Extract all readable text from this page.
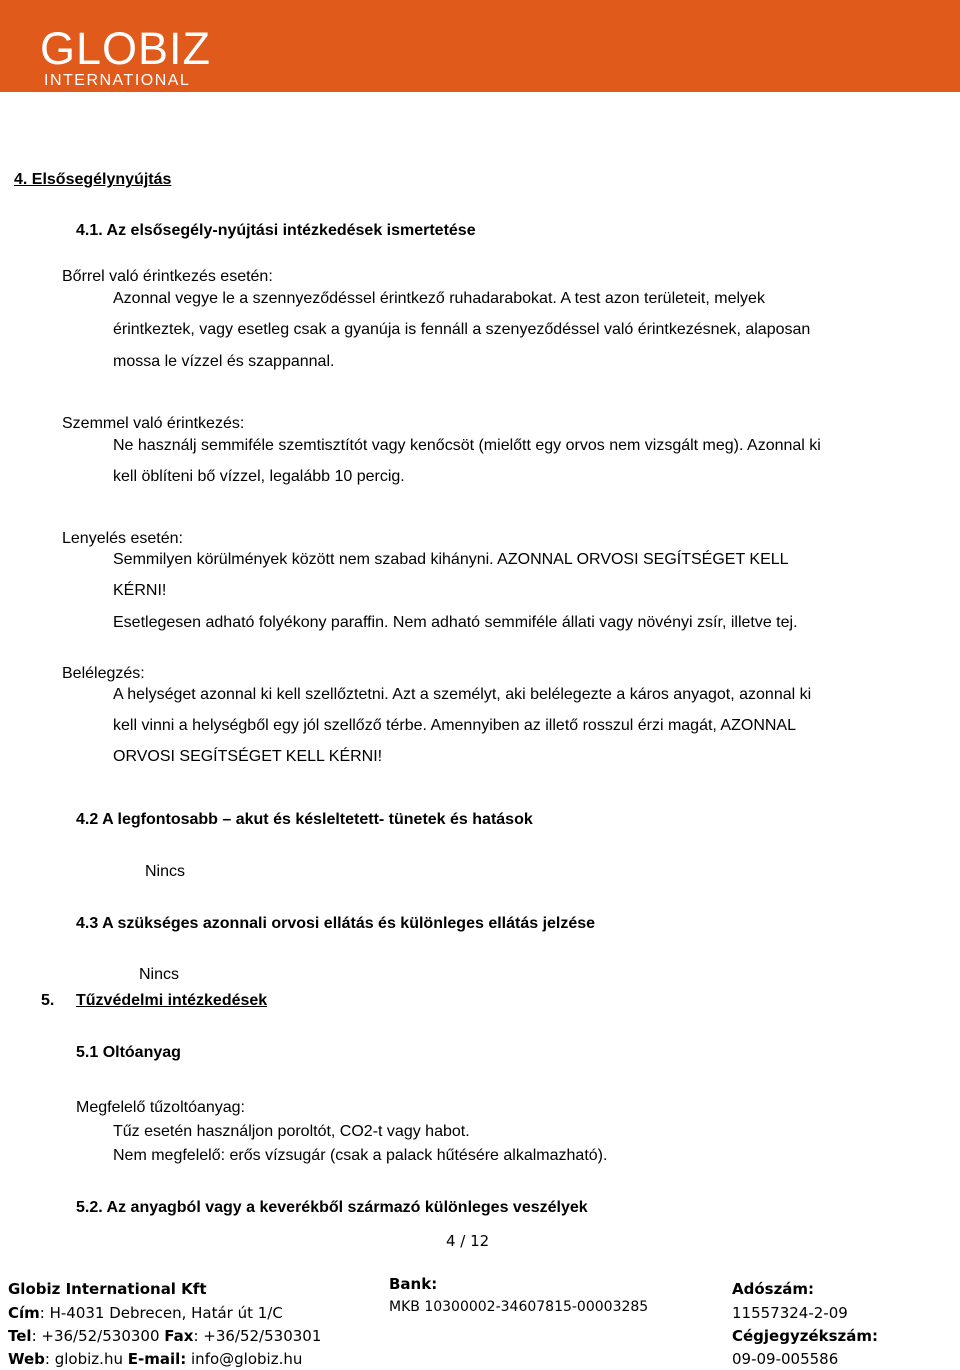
GLOBIZ
INTERNATIONAL
4. Elsősegélynyújtás
4.1. Az elsősegély-nyújtási intézkedések ismertetése
Bőrrel való érintkezés esetén:
Azonnal vegye le a szennyeződéssel érintkező ruhadarabokat. A test azon területeit, melyek
érintkeztek, vagy esetleg csak a gyanúja is fennáll a szenyeződéssel való érintkezésnek, alaposan
mossa le vízzel és szappannal.
Szemmel való érintkezés:
Ne használj semmiféle szemtisztítót vagy kenőcsöt (mielőtt egy orvos nem vizsgált meg). Azonnal ki
kell öblíteni bő vízzel, legalább 10 percig.
Lenyelés esetén:
Semmilyen körülmények között nem szabad kihányni. AZONNAL ORVOSI SEGÍTSÉGET KELL
KÉRNI!
Esetlegesen adható folyékony paraffin. Nem adható semmiféle állati vagy növényi zsír, illetve tej.
Belélegzés:
A helységet azonnal ki kell szellőztetni. Azt a személyt, aki belélegezte a káros anyagot, azonnal ki
kell vinni a helységből egy jól szellőző térbe. Amennyiben az illető rosszul érzi magát, AZONNAL
ORVOSI SEGÍTSÉGET KELL KÉRNI!
4.2 A legfontosabb – akut és késleltetett- tünetek és hatások
Nincs
4.3 A szükséges azonnali orvosi ellátás és különleges ellátás jelzése
Nincs
5. Tűzvédelmi intézkedések
5.1 Oltóanyag
Megfelelő tűzoltóanyag:
Tűz esetén használjon poroltót, CO2-t vagy habot.
Nem megfelelő: erős vízsugár (csak a palack hűtésére alkalmazható).
5.2. Az anyagból vagy a keverékből származó különleges veszélyek
4 / 12
Globiz International Kft
Cím: H-4031 Debrecen, Határ út 1/C
Tel: +36/52/530300 Fax: +36/52/530301
Web: globiz.hu E-mail: info@globiz.hu
Bank:
MKB 10300002-34607815-00003285
Adószám:
11557324-2-09
Cégjegyzékszám:
09-09-005586
